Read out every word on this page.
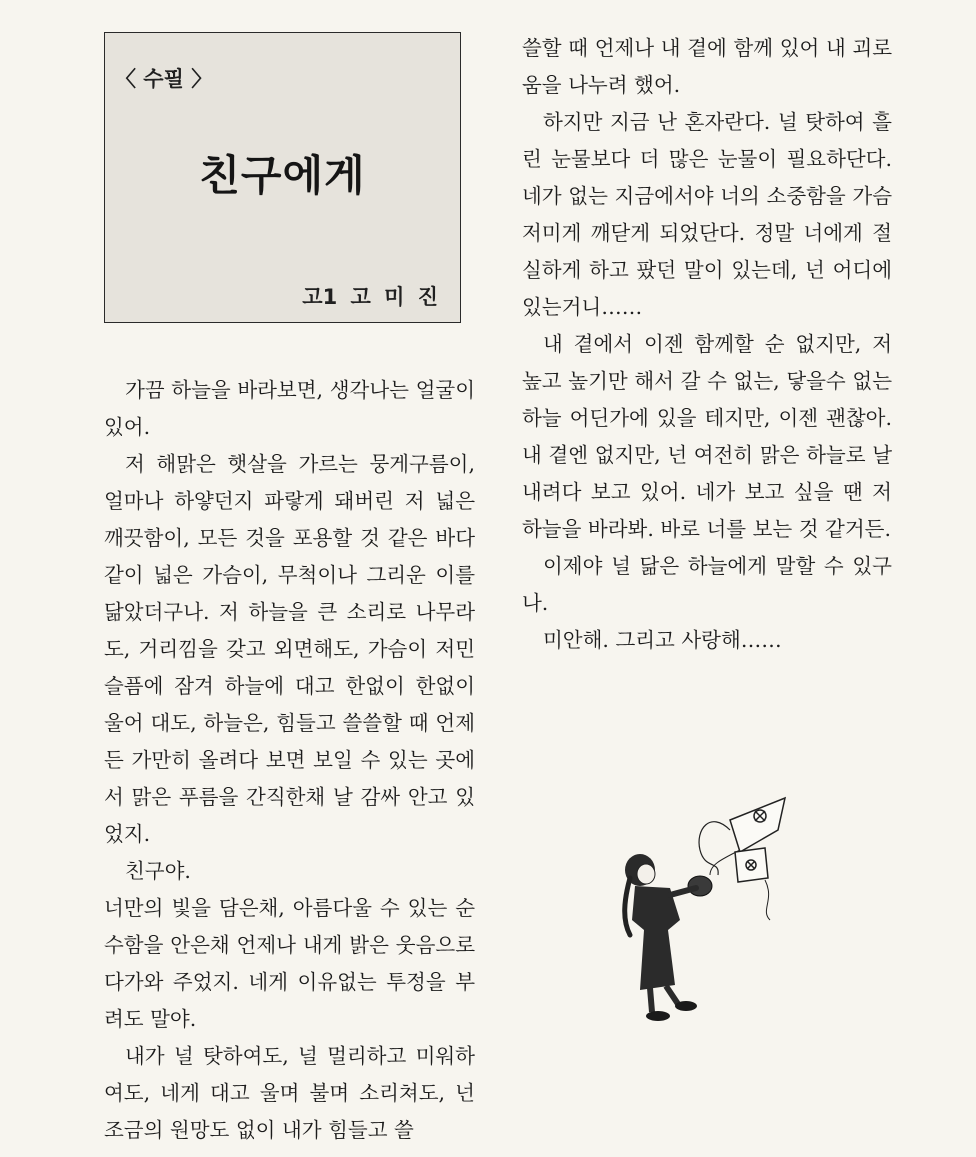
〈 수필 〉
친구에게
고1 고 미 진

가끔 하늘을 바라보면, 생각나는 얼굴이 있어.

저 해맑은 햇살을 가르는 뭉게구름이, 얼마나 하얗던지 파랗게 돼버린 저 넓은 깨끗함이, 모든 것을 포용할 것 같은 바다같이 넓은 가슴이, 무척이나 그리운 이를 닮았더구나. 저 하늘을 큰 소리로 나무라도, 거리낌을 갖고 외면해도, 가슴이 저민 슬픔에 잠겨 하늘에 대고 한없이 한없이 울어 대도, 하늘은, 힘들고 쓸쓸할 때 언제든 가만히 올려다 보면 보일 수 있는 곳에서 맑은 푸름을 간직한채 날 감싸 안고 있었지.

친구야.

너만의 빛을 담은채, 아름다울 수 있는 순수함을 안은채 언제나 내게 밝은 웃음으로 다가와 주었지. 네게 이유없는 투정을 부려도 말야.

내가 널 탓하여도, 널 멀리하고 미워하여도, 네게 대고 울며 불며 소리쳐도, 넌 조금의 원망도 없이 내가 힘들고 쓸

쓸할 때 언제나 내 곁에 함께 있어 내 괴로움을 나누려 했어.

하지만 지금 난 혼자란다. 널 탓하여 흘린 눈물보다 더 많은 눈물이 필요하단다. 네가 없는 지금에서야 너의 소중함을 가슴 저미게 깨닫게 되었단다. 정말 너에게 절실하게 하고 팠던 말이 있는데, 넌 어디에 있는거니……

내 곁에서 이젠 함께할 순 없지만, 저 높고 높기만 해서 갈 수 없는, 닿을수 없는 하늘 어딘가에 있을 테지만, 이젠 괜찮아. 내 곁엔 없지만, 넌 여전히 맑은 하늘로 날 내려다 보고 있어. 네가 보고 싶을 땐 저 하늘을 바라봐. 바로 너를 보는 것 같거든.

이제야 널 닮은 하늘에게 말할 수 있구나.

미안해. 그리고 사랑해……
